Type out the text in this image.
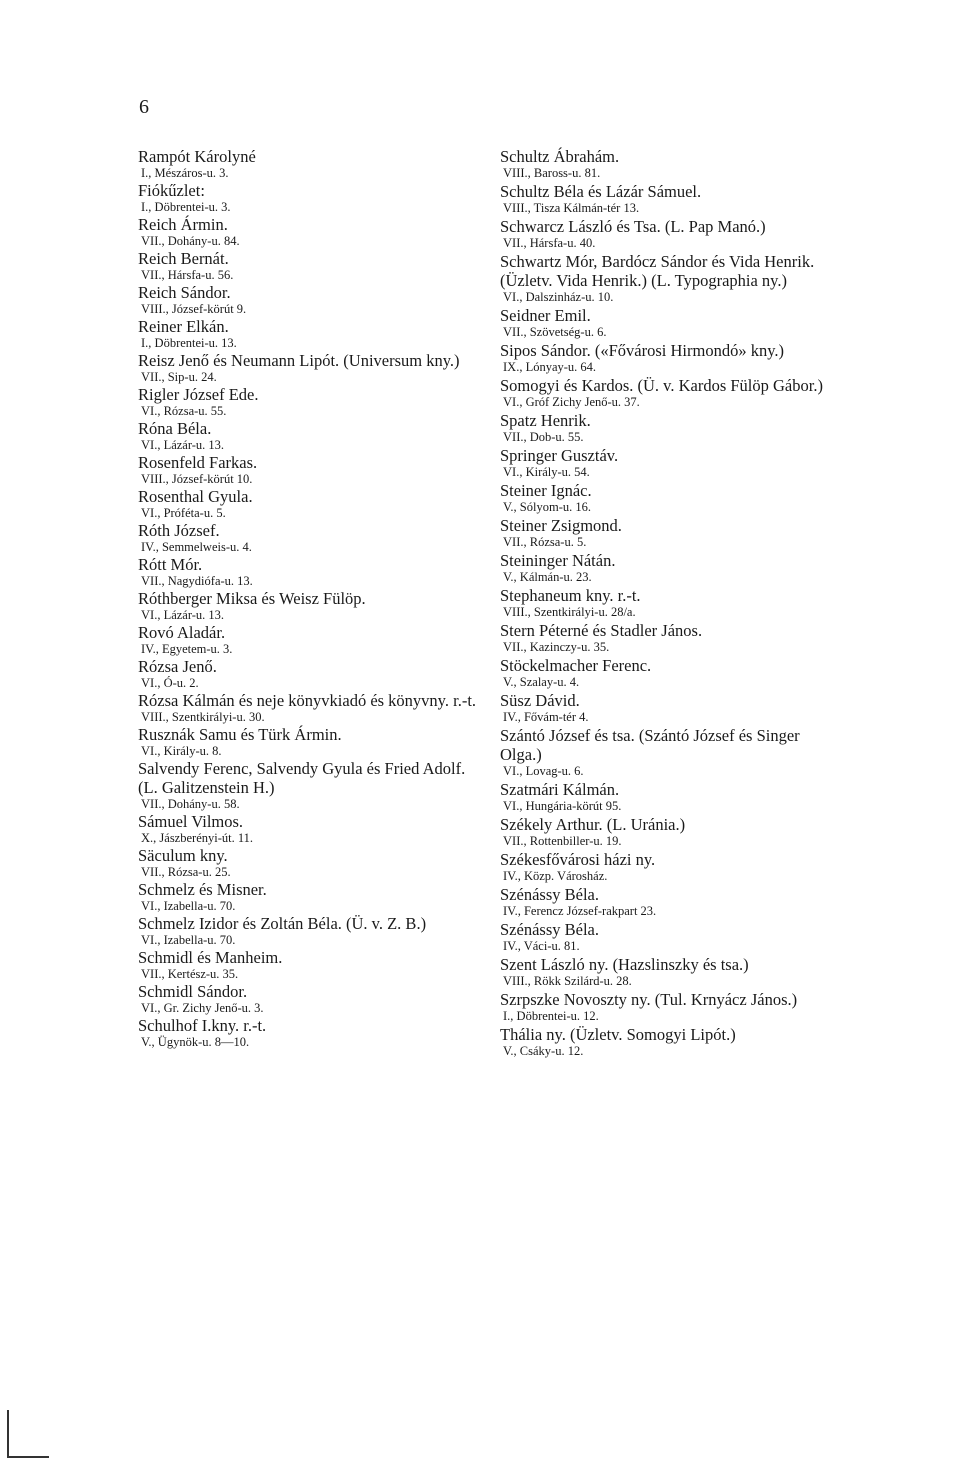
6
Rampót Károlyné
I., Mészáros-u. 3.
Fiókűzlet:
I., Döbrentei-u. 3.
Reich Ármin.
VII., Dohány-u. 84.
Reich Bernát.
VII., Hársfa-u. 56.
Reich Sándor.
VIII., József-körút 9.
Reiner Elkán.
I., Döbrentei-u. 13.
Reisz Jenő és Neumann Lipót. (Universum kny.)
VII., Sip-u. 24.
Rigler József Ede.
VI., Rózsa-u. 55.
Róna Béla.
VI., Lázár-u. 13.
Rosenfeld Farkas.
VIII., József-körút 10.
Rosenthal Gyula.
VI., Próféta-u. 5.
Róth József.
IV., Semmelweis-u. 4.
Rótt Mór.
VII., Nagydiófa-u. 13.
Róthberger Miksa és Weisz Fülöp.
VI., Lázár-u. 13.
Rovó Aladár.
IV., Egyetem-u. 3.
Rózsa Jenő.
VI., Ó-u. 2.
Rózsa Kálmán és neje könyvkiadó és könyvny. r.-t.
VIII., Szentkirályi-u. 30.
Rusznák Samu és Türk Ármin.
VI., Király-u. 8.
Salvendy Ferenc, Salvendy Gyula és Fried Adolf. (L. Galitzenstein H.)
VII., Dohány-u. 58.
Sámuel Vilmos.
X., Jászberényi-út. 11.
Säculum kny.
VII., Rózsa-u. 25.
Schmelz és Misner.
VI., Izabella-u. 70.
Schmelz Izidor és Zoltán Béla. (Ü. v. Z. B.)
VI., Izabella-u. 70.
Schmidl és Manheim.
VII., Kertész-u. 35.
Schmidl Sándor.
VI., Gr. Zichy Jenő-u. 3.
Schulhof I.kny. r.-t.
V., Ügynök-u. 8—10.
Schultz Ábrahám.
VIII., Baross-u. 81.
Schultz Béla és Lázár Sámuel.
VIII., Tisza Kálmán-tér 13.
Schwarcz László és Tsa. (L. Pap Manó.)
VII., Hársfa-u. 40.
Schwartz Mór, Bardócz Sándor és Vida Henrik. (Üzletv. Vida Henrik.) (L. Typographia ny.)
VI., Dalszinház-u. 10.
Seidner Emil.
VII., Szövetség-u. 6.
Sipos Sándor. («Fővárosi Hirmondó» kny.)
IX., Lónyay-u. 64.
Somogyi és Kardos. (Ü. v. Kardos Fülöp Gábor.)
VI., Gróf Zichy Jenő-u. 37.
Spatz Henrik.
VII., Dob-u. 55.
Springer Gusztáv.
VI., Király-u. 54.
Steiner Ignác.
V., Sólyom-u. 16.
Steiner Zsigmond.
VII., Rózsa-u. 5.
Steininger Nátán.
V., Kálmán-u. 23.
Stephaneum kny. r.-t.
VIII., Szentkirályi-u. 28/a.
Stern Péterné és Stadler János.
VII., Kazinczy-u. 35.
Stöckelmacher Ferenc.
V., Szalay-u. 4.
Süsz Dávid.
IV., Fővám-tér 4.
Szántó József és tsa. (Szántó József és Singer Olga.)
VI., Lovag-u. 6.
Szatmári Kálmán.
VI., Hungária-körút 95.
Székely Arthur. (L. Uránia.)
VII., Rottenbiller-u. 19.
Székesfővárosi házi ny.
IV., Közp. Városház.
Szénássy Béla.
IV., Ferencz József-rakpart 23.
Szénássy Béla.
IV., Váci-u. 81.
Szent László ny. (Hazslinszky és tsa.)
VIII., Rökk Szilárd-u. 28.
Szrpszke Novoszty ny. (Tul. Krnyácz János.)
I., Döbrentei-u. 12.
Thália ny. (Üzletv. Somogyi Lipót.)
V., Csáky-u. 12.
